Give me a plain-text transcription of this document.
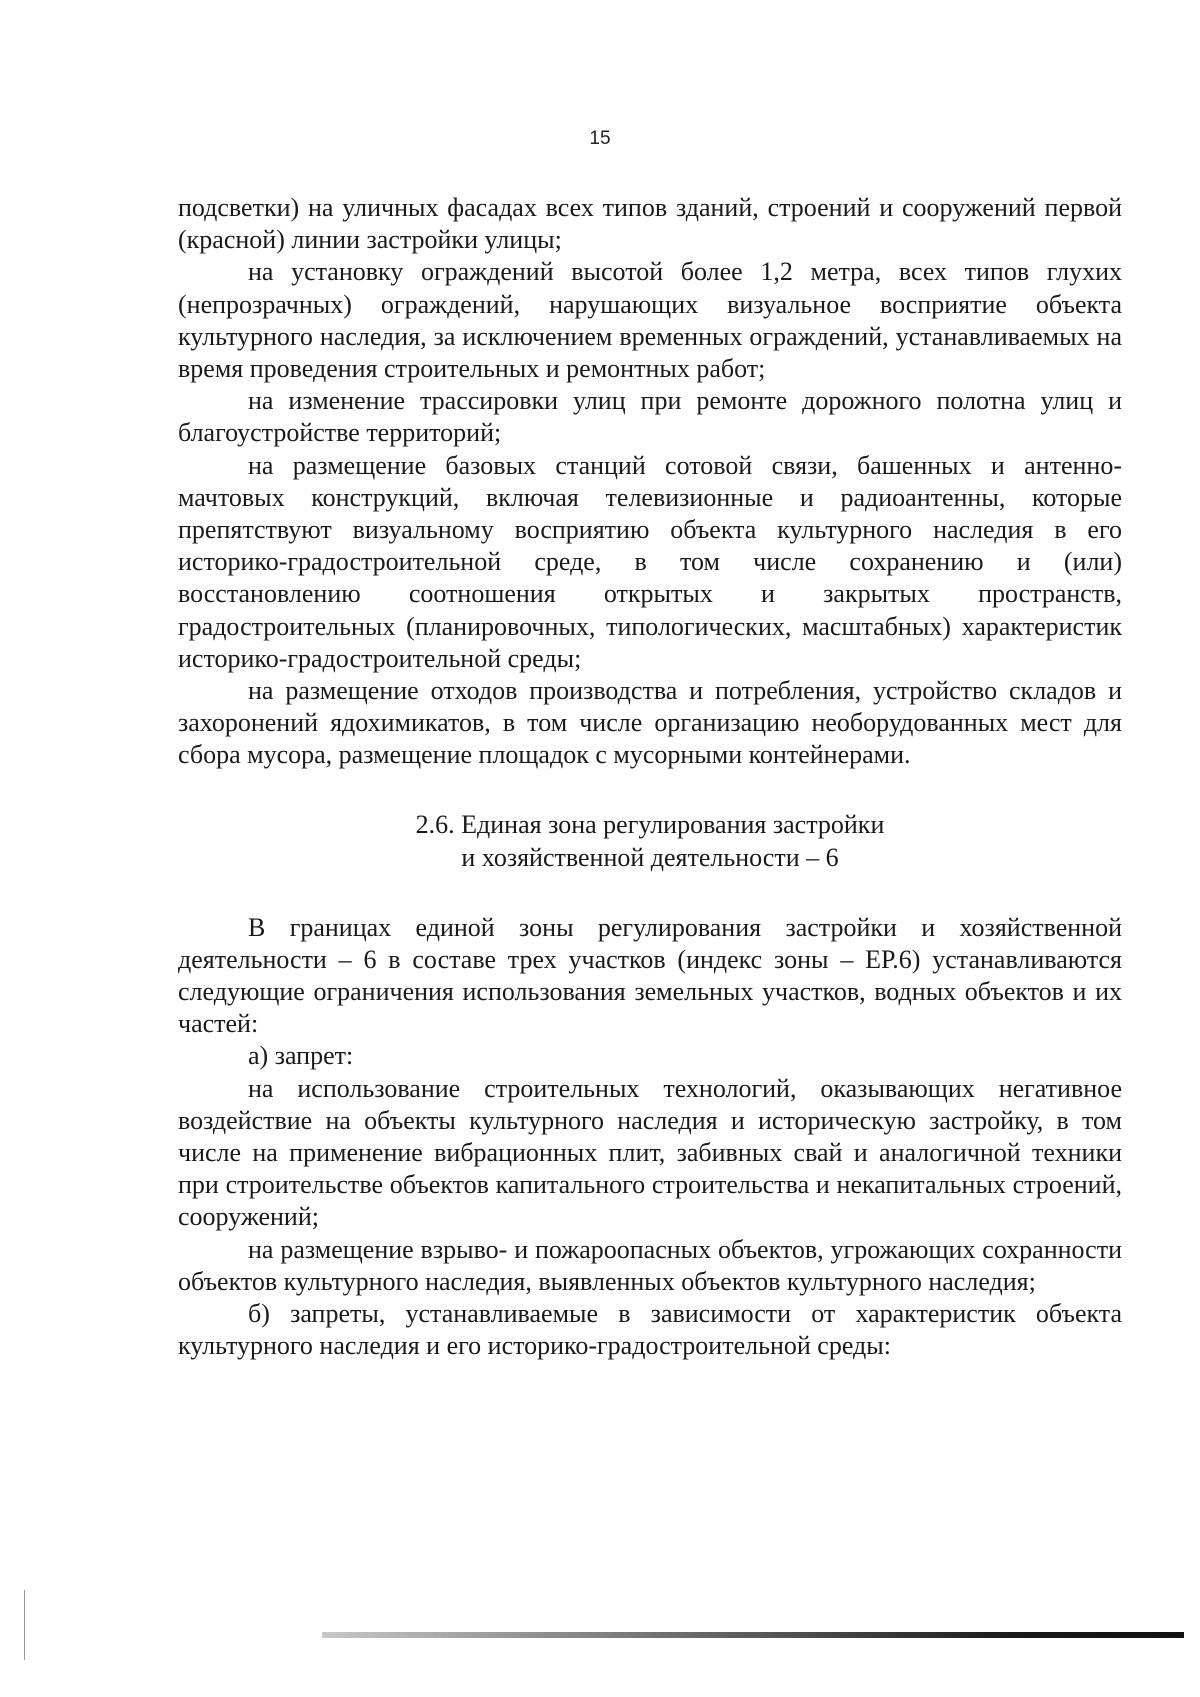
15

подсветки) на уличных фасадах всех типов зданий, строений и сооружений первой (красной) линии застройки улицы;

на установку ограждений высотой более 1,2 метра, всех типов глухих (непрозрачных) ограждений, нарушающих визуальное восприятие объекта культурного наследия, за исключением временных ограждений, устанавливаемых на время проведения строительных и ремонтных работ;

на изменение трассировки улиц при ремонте дорожного полотна улиц и благоустройстве территорий;

на размещение базовых станций сотовой связи, башенных и антенно-мачтовых конструкций, включая телевизионные и радиоантенны, которые препятствуют визуальному восприятию объекта культурного наследия в его историко-градостроительной среде, в том числе сохранению и (или) восстановлению соотношения открытых и закрытых пространств, градостроительных (планировочных, типологических, масштабных) характеристик историко-градостроительной среды;

на размещение отходов производства и потребления, устройство складов и захоронений ядохимикатов, в том числе организацию необорудованных мест для сбора мусора, размещение площадок с мусорными контейнерами.

2.6. Единая зона регулирования застройки
и хозяйственной деятельности – 6

В границах единой зоны регулирования застройки и хозяйственной деятельности – 6 в составе трех участков (индекс зоны – ЕР.6) устанавливаются следующие ограничения использования земельных участков, водных объектов и их частей:

а) запрет:

на использование строительных технологий, оказывающих негативное воздействие на объекты культурного наследия и историческую застройку, в том числе на применение вибрационных плит, забивных свай и аналогичной техники при строительстве объектов капитального строительства и некапитальных строений, сооружений;

на размещение взрыво- и пожароопасных объектов, угрожающих сохранности объектов культурного наследия, выявленных объектов культурного наследия;

б) запреты, устанавливаемые в зависимости от характеристик объекта культурного наследия и его историко-градостроительной среды:
